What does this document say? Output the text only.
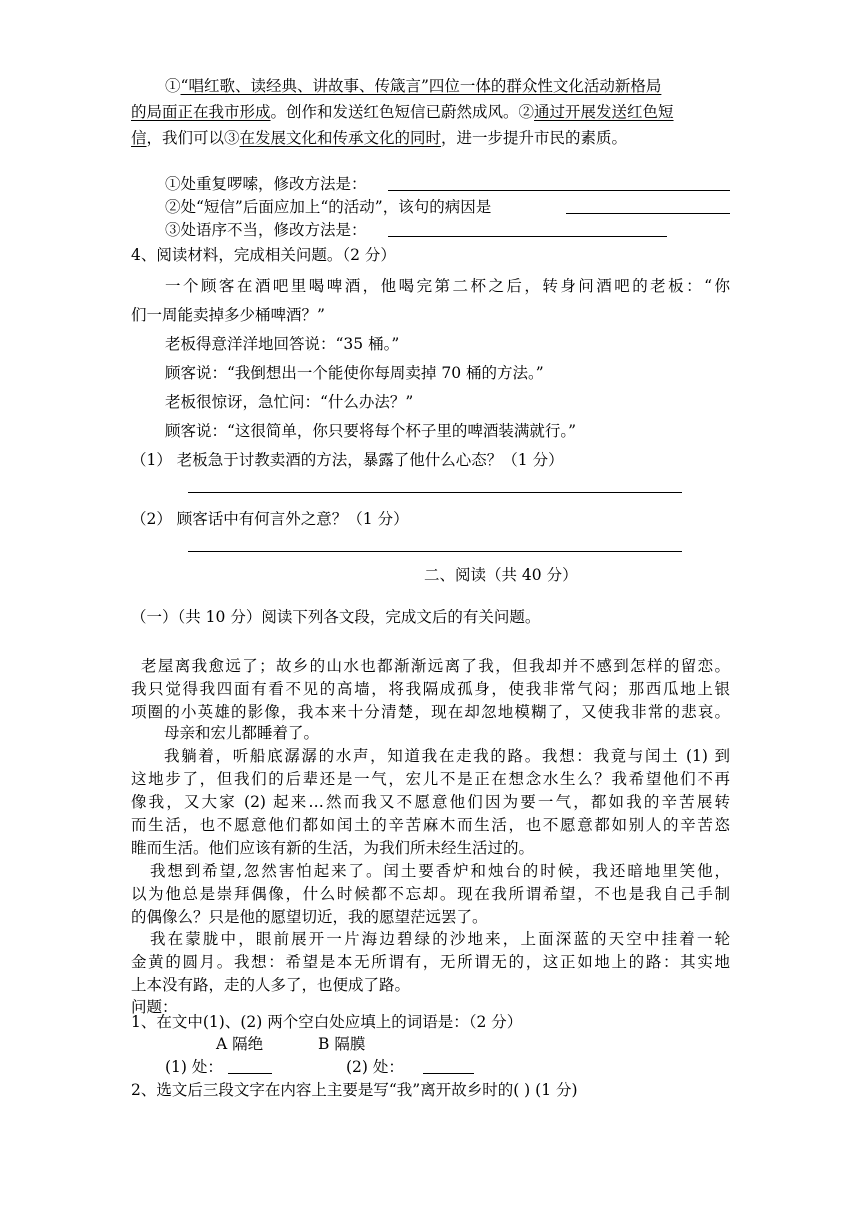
①“唱红歌、读经典、讲故事、传箴言”四位一体的群众性文化活动新格局
的局面正在我市形成。创作和发送红色短信已蔚然成风。②通过开展发送红色短
信，我们可以③在发展文化和传承文化的同时，进一步提升市民的素质。
①处重复啰嗦，修改方法是：
②处“短信”后面应加上“的活动”，该句的病因是
③处语序不当，修改方法是：
4、阅读材料，完成相关问题。（2 分）
一个顾客在酒吧里喝啤酒，他喝完第二杯之后，转身问酒吧的老板：“你
们一周能卖掉多少桶啤酒？”
老板得意洋洋地回答说：“35 桶。”
顾客说：“我倒想出一个能使你每周卖掉 70 桶的方法。”
老板很惊讶，急忙问：“什么办法？”
顾客说：“这很简单，你只要将每个杯子里的啤酒装满就行。”
（1） 老板急于讨教卖酒的方法，暴露了他什么心态？（1 分）
（2） 顾客话中有何言外之意？（1 分）
二、阅读（共 40 分）
（一）（共 10 分）阅读下列各文段，完成文后的有关问题。
老屋离我愈远了；故乡的山水也都渐渐远离了我，但我却并不感到怎样的留恋。
我只觉得我四面有看不见的高墙，将我隔成孤身，使我非常气闷；那西瓜地上银
项圈的小英雄的影像，我本来十分清楚，现在却忽地模糊了，又使我非常的悲哀。
母亲和宏儿都睡着了。
我躺着，听船底潺潺的水声，知道我在走我的路。我想：我竟与闰土 (1) 到
这地步了，但我们的后辈还是一气，宏儿不是正在想念水生么？我希望他们不再
像我，又大家 (2) 起来…然而我又不愿意他们因为要一气，都如我的辛苦展转
而生活，也不愿意他们都如闰土的辛苦麻木而生活，也不愿意都如别人的辛苦恣
睢而生活。他们应该有新的生活，为我们所未经生活过的。
我想到希望,忽然害怕起来了。闰土要香炉和烛台的时候，我还暗地里笑他，
以为他总是崇拜偶像，什么时候都不忘却。现在我所谓希望，不也是我自己手制
的偶像么？只是他的愿望切近，我的愿望茫远罢了。
我在蒙胧中，眼前展开一片海边碧绿的沙地来，上面深蓝的天空中挂着一轮
金黄的圆月。我想：希望是本无所谓有，无所谓无的，这正如地上的路：其实地
上本没有路，走的人多了，也便成了路。
问题：
1、在文中(1)、(2) 两个空白处应填上的词语是：（2 分）
A 隔绝	B 隔膜
(1) 处：	(2) 处：
2、选文后三段文字在内容上主要是写“我”离开故乡时的( ) (1 分)
